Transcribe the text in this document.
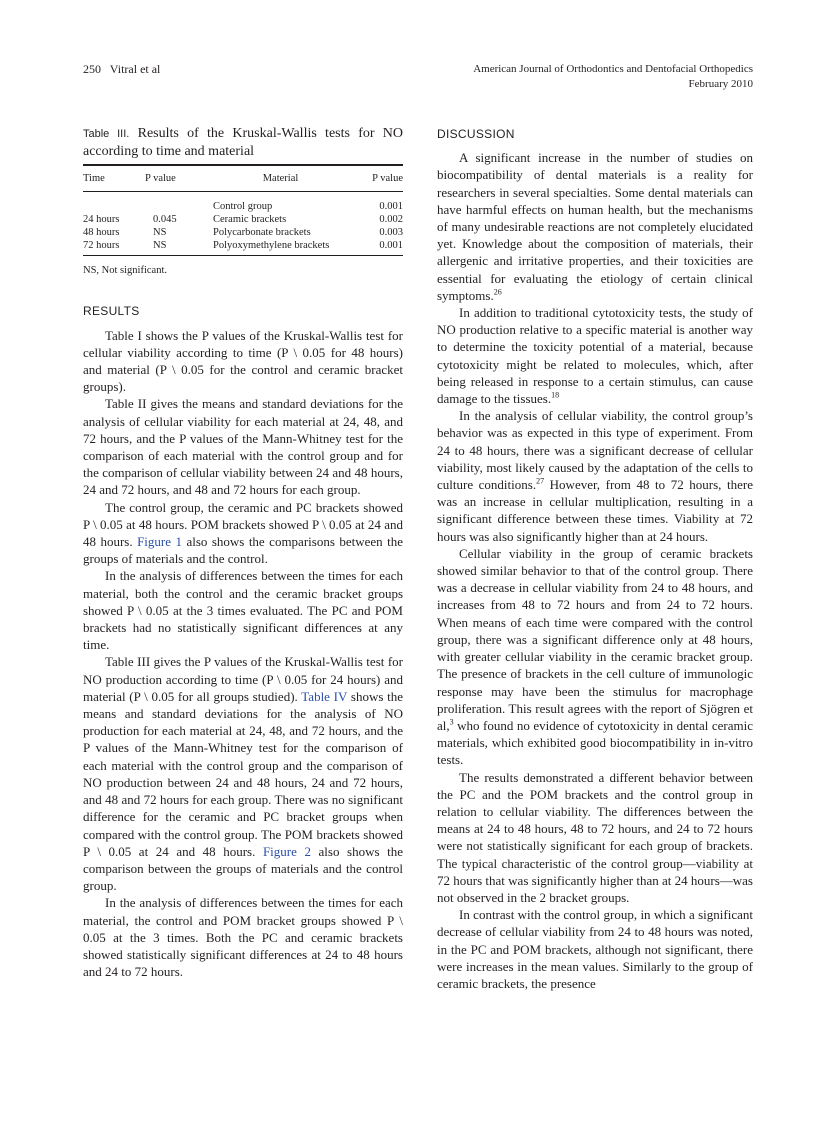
250 Vitral et al	American Journal of Orthodontics and Dentofacial Orthopedics
February 2010
Table III. Results of the Kruskal-Wallis tests for NO according to time and material
Time	P value	Material	P value
		Control group	0.001
24 hours	0.045	Ceramic brackets	0.002
48 hours	NS	Polycarbonate brackets	0.003
72 hours	NS	Polyoxymethylene brackets	0.001
NS, Not significant.
RESULTS

Table I shows the P values of the Kruskal-Wallis test for cellular viability according to time (P \ 0.05 for 48 hours) and material (P \ 0.05 for the control and ceramic bracket groups).

Table II gives the means and standard deviations for the analysis of cellular viability for each material at 24, 48, and 72 hours, and the P values of the Mann-Whitney test for the comparison of each material with the control group and for the comparison of cellular viability between 24 and 48 hours, 24 and 72 hours, and 48 and 72 hours for each group.

The control group, the ceramic and PC brackets showed P \ 0.05 at 48 hours. POM brackets showed P \ 0.05 at 24 and 48 hours. Figure 1 also shows the comparisons between the groups of materials and the control.

In the analysis of differences between the times for each material, both the control and the ceramic bracket groups showed P \ 0.05 at the 3 times evaluated. The PC and POM brackets had no statistically significant differences at any time.

Table III gives the P values of the Kruskal-Wallis test for NO production according to time (P \ 0.05 for 24 hours) and material (P \ 0.05 for all groups studied). Table IV shows the means and standard deviations for the analysis of NO production for each material at 24, 48, and 72 hours, and the P values of the Mann-Whitney test for the comparison of each material with the control group and the comparison of NO production between 24 and 48 hours, 24 and 72 hours, and 48 and 72 hours for each group. There was no significant difference for the ceramic and PC bracket groups when compared with the control group. The POM brackets showed P \ 0.05 at 24 and 48 hours. Figure 2 also shows the comparison between the groups of materials and the control group.

In the analysis of differences between the times for each material, the control and POM bracket groups showed P \ 0.05 at the 3 times. Both the PC and ceramic brackets showed statistically significant differences at 24 to 48 hours and 24 to 72 hours.

DISCUSSION

A significant increase in the number of studies on biocompatibility of dental materials is a reality for researchers in several specialties. Some dental materials can have harmful effects on human health, but the mechanisms of many undesirable reactions are not completely elucidated yet. Knowledge about the composition of materials, their allergenic and irritative properties, and their toxicities are essential for evaluating the etiology of certain clinical symptoms.$^{26}$

In addition to traditional cytotoxicity tests, the study of NO production relative to a specific material is another way to determine the toxicity potential of a material, because cytotoxicity might be related to molecules, which, after being released in response to a certain stimulus, can cause damage to the tissues.$^{18}$

In the analysis of cellular viability, the control group’s behavior was as expected in this type of experiment. From 24 to 48 hours, there was a significant decrease of cellular viability, most likely caused by the adaptation of the cells to culture conditions.$^{27}$ However, from 48 to 72 hours, there was an increase in cellular multiplication, resulting in a significant difference between these times. Viability at 72 hours was also significantly higher than at 24 hours.

Cellular viability in the group of ceramic brackets showed similar behavior to that of the control group. There was a decrease in cellular viability from 24 to 48 hours, and increases from 48 to 72 hours and from 24 to 72 hours. When means of each time were compared with the control group, there was a significant difference only at 48 hours, with greater cellular viability in the ceramic bracket group. The presence of brackets in the cell culture of immunologic response may have been the stimulus for macrophage proliferation. This result agrees with the report of Sjögren et al,$^3$ who found no evidence of cytotoxicity in dental ceramic materials, which exhibited good biocompatibility in in-vitro tests.

The results demonstrated a different behavior between the PC and the POM brackets and the control group in relation to cellular viability. The differences between the means at 24 to 48 hours, 48 to 72 hours, and 24 to 72 hours were not statistically significant for each group of brackets. The typical characteristic of the control group—viability at 72 hours that was significantly higher than at 24 hours—was not observed in the 2 bracket groups.

In contrast with the control group, in which a significant decrease of cellular viability from 24 to 48 hours was noted, in the PC and POM brackets, although not significant, there were increases in the mean values. Similarly to the group of ceramic brackets, the presence
